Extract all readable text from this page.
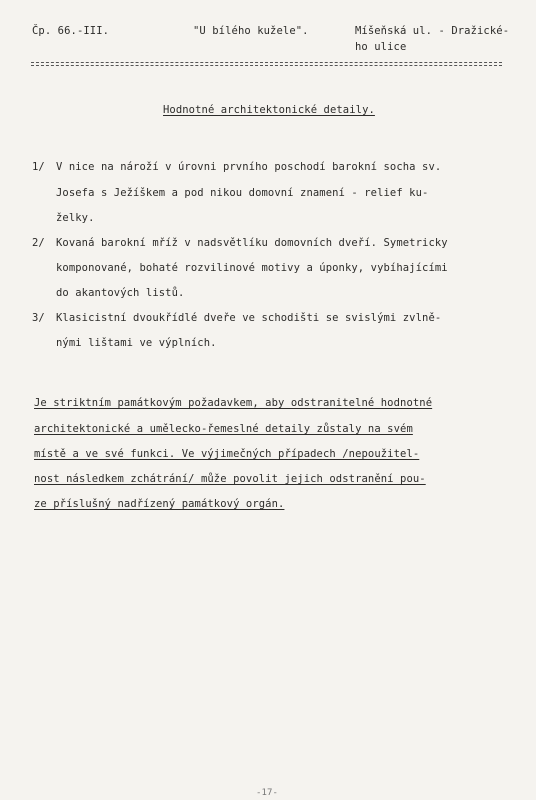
Čp. 66.-III.	"U bílého kužele".	Míšeňská ul. - Dražické-
ho ulice
Hodnotné architektonické detaily.
1/ V nice na nároží v úrovni prvního poschodí barokní socha sv.
Josefa s Ježíškem a pod nikou domovní znamení - relief ku-
želky.
2/ Kovaná barokní mříž v nadsvětlíku domovních dveří. Symetricky
komponované, bohaté rozvilinové motivy a úponky, vybíhajícími
do akantových listů.
3/ Klasicistní dvoukřídlé dveře ve schodišti se svislými zvlně-
nými lištami ve výplních.
Je striktním památkovým požadavkem, aby odstranitelné hodnotné
architektonické a umělecko-řemeslné detaily zůstaly na svém
místě a ve své funkci. Ve výjimečných případech /nepoužitel-
nost následkem zchátrání/ může povolit jejich odstranění pou-
ze příslušný nadřízený památkový orgán.
-17-
